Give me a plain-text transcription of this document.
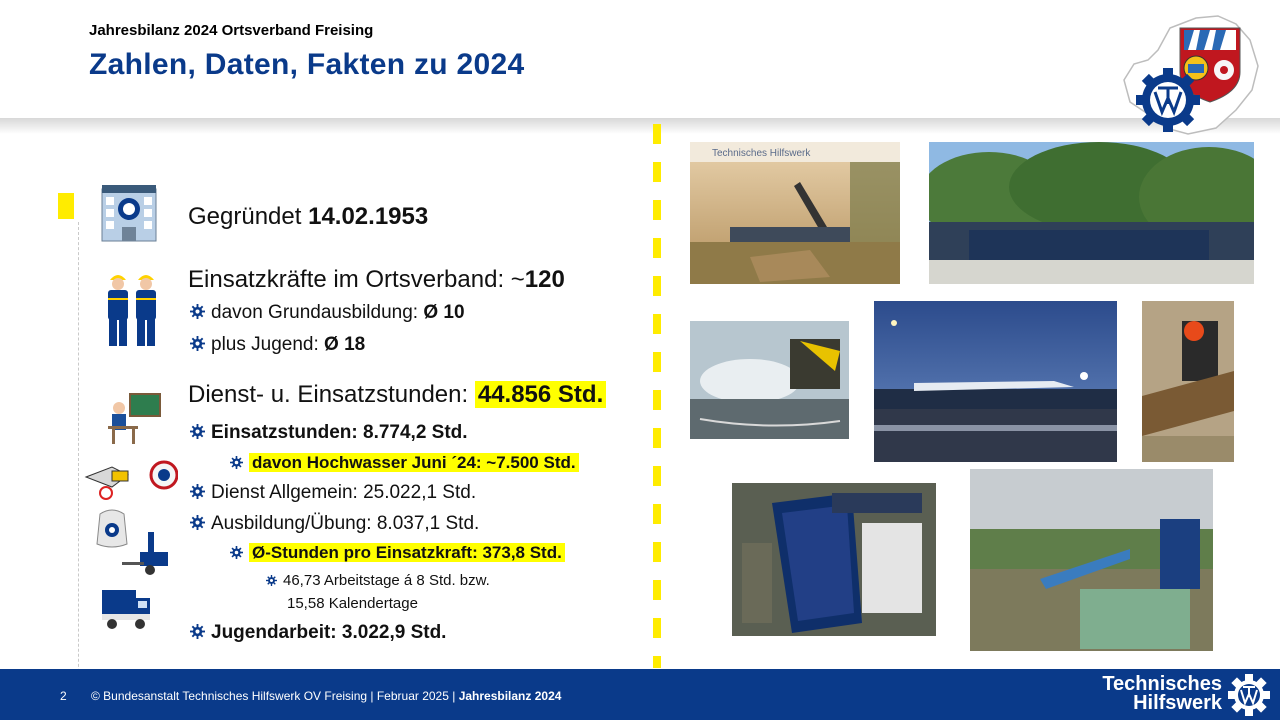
Jahresbilanz 2024 Ortsverband Freising
Zahlen, Daten, Fakten zu 2024
Gegründet 14.02.1953
Einsatzkräfte im Ortsverband: ~120
davon Grundausbildung: Ø 10
plus Jugend: Ø 18
Dienst- u. Einsatzstunden: 44.856 Std.
Einsatzstunden: 8.774,2 Std.
davon Hochwasser Juni ´24: ~7.500 Std.
Dienst Allgemein: 25.022,1 Std.
Ausbildung/Übung: 8.037,1 Std.
Ø-Stunden pro Einsatzkraft: 373,8 Std.
46,73 Arbeitstage á 8 Std. bzw.
15,58 Kalendertage
Jugendarbeit: 3.022,9 Std.
Technisches Hilfswerk
2 © Bundesanstalt Technisches Hilfswerk OV Freising | Februar 2025 | Jahresbilanz 2024
Technisches
Hilfswerk
